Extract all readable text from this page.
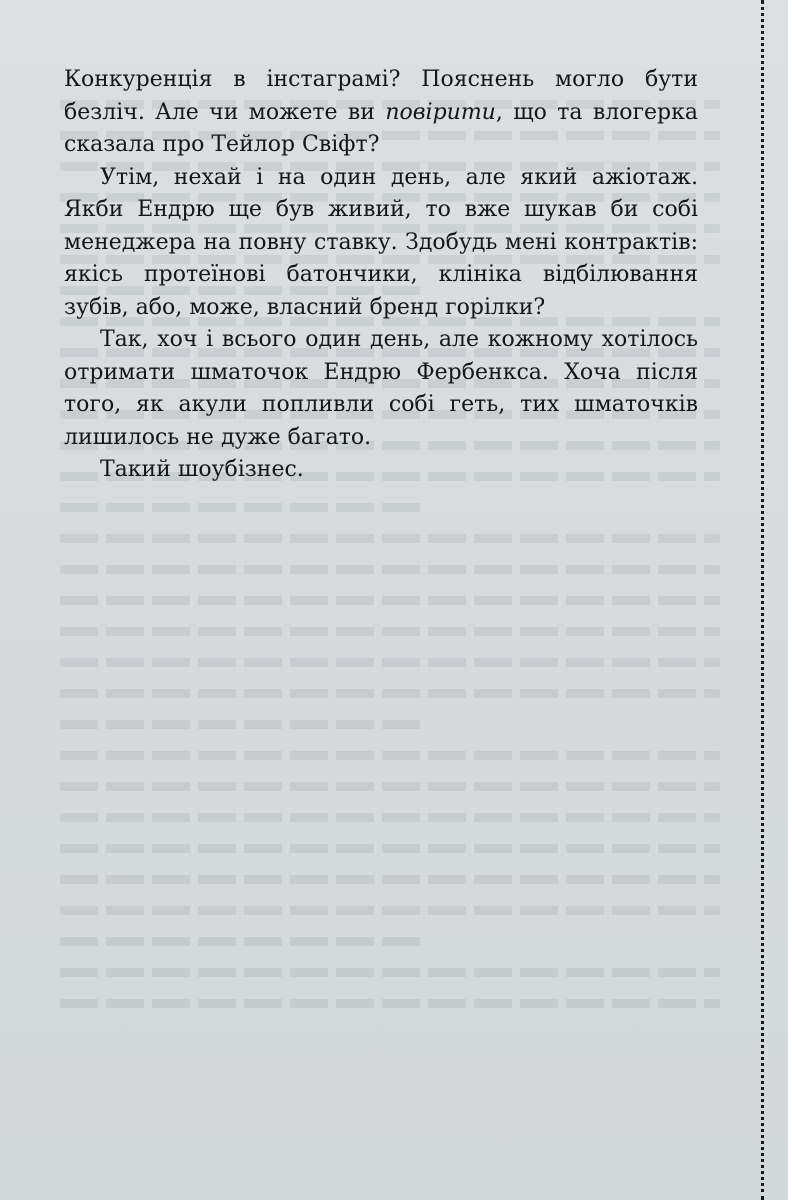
Конкуренція в інстаграмі? Пояснень могло бути безліч. Але чи можете ви повірити, що та влогерка сказала про Тейлор Свіфт?

Утім, нехай і на один день, але який ажіотаж. Якби Ендрю ще був живий, то вже шукав би собі менеджера на повну ставку. Здобудь мені контрактів: якісь протеїнові батончики, клініка відбілювання зубів, або, може, власний бренд горілки?

Так, хоч і всього один день, але кожному хотілось отримати шматочок Ендрю Фербенкса. Хоча після того, як акули попливли собі геть, тих шматочків лишилось не дуже багато.

Такий шоубізнес.
